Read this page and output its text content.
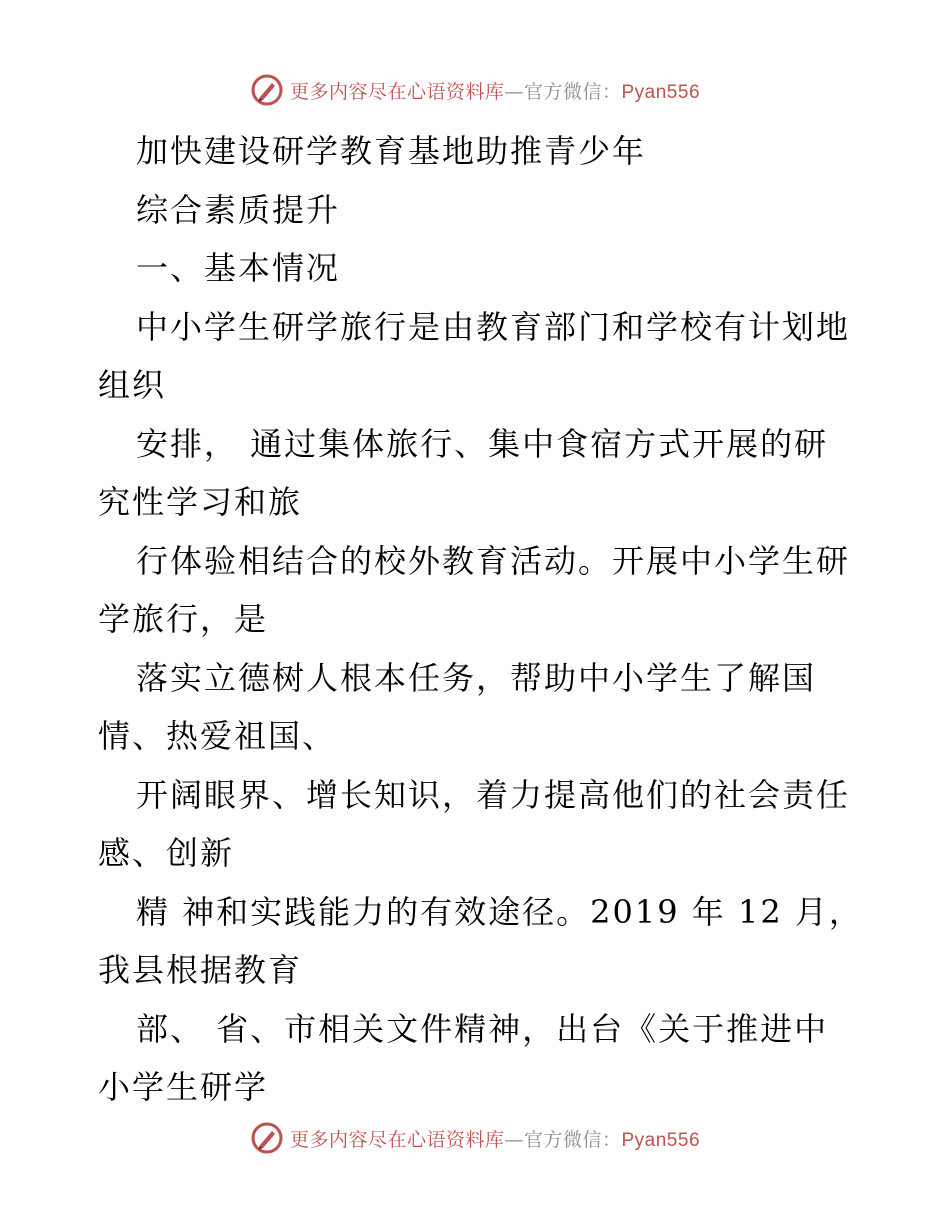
更多内容尽在心语资料库—官方微信：Pyan556
加快建设研学教育基地助推青少年
综合素质提升
一、基本情况
中小学生研学旅行是由教育部门和学校有计划地
组织
安排， 通过集体旅行、集中食宿方式开展的研
究性学习和旅
行体验相结合的校外教育活动。开展中小学生研
学旅行，是
落实立德树人根本任务，帮助中小学生了解国
情、热爱祖国、
开阔眼界、增长知识，着力提高他们的社会责任
感、创新
精 神和实践能力的有效途径。2019 年 12 月，
我县根据教育
部、 省、市相关文件精神，出台《关于推进中
小学生研学
更多内容尽在心语资料库—官方微信：Pyan556
